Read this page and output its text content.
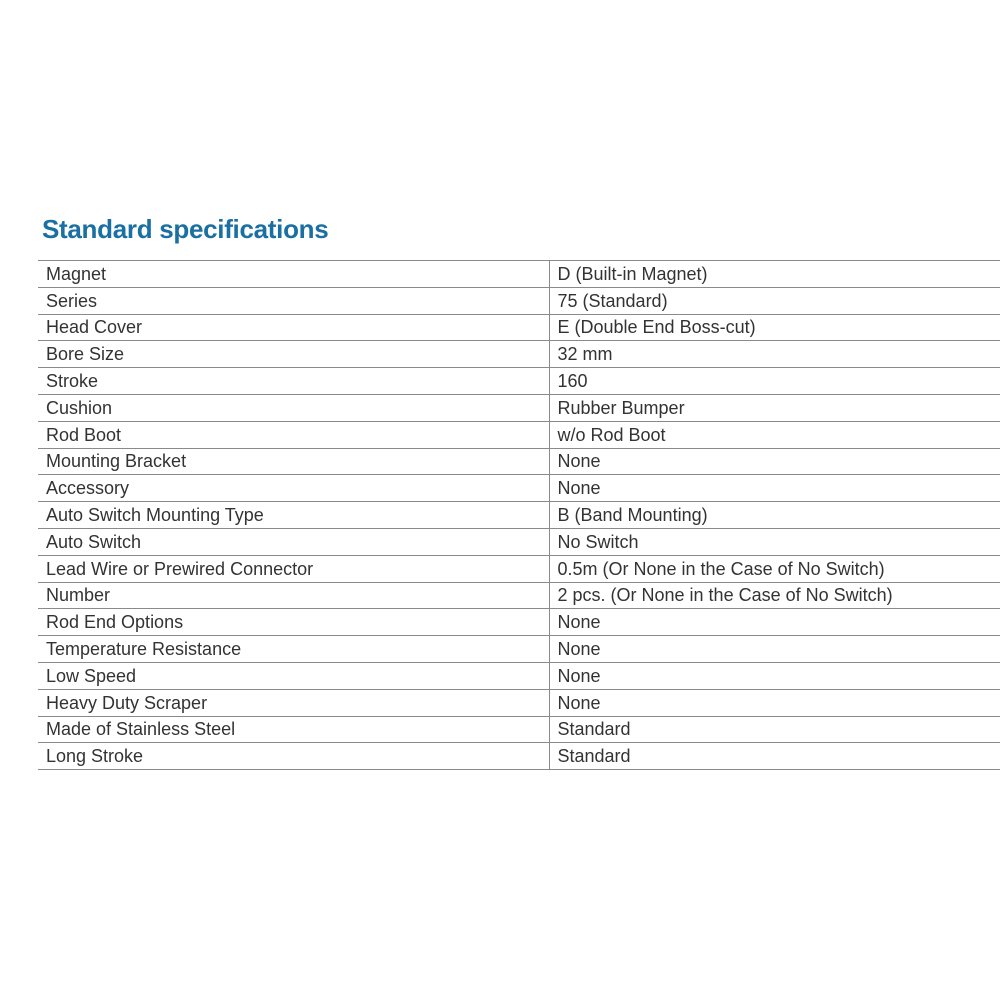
Standard specifications
Magnet	D (Built-in Magnet)
Series	75 (Standard)
Head Cover	E (Double End Boss-cut)
Bore Size	32 mm
Stroke	160
Cushion	Rubber Bumper
Rod Boot	w/o Rod Boot
Mounting Bracket	None
Accessory	None
Auto Switch Mounting Type	B (Band Mounting)
Auto Switch	No Switch
Lead Wire or Prewired Connector	0.5m (Or None in the Case of No Switch)
Number	2 pcs. (Or None in the Case of No Switch)
Rod End Options	None
Temperature Resistance	None
Low Speed	None
Heavy Duty Scraper	None
Made of Stainless Steel	Standard
Long Stroke	Standard
